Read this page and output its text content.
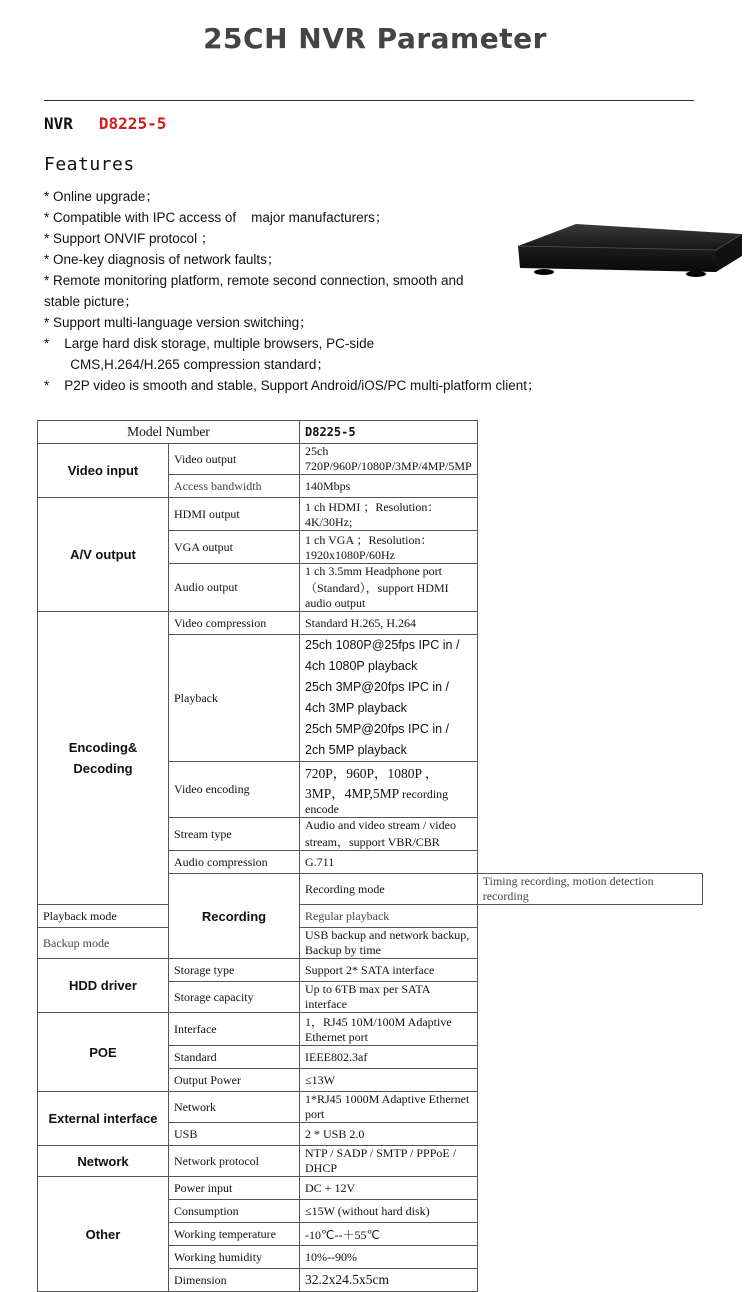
25CH NVR Parameter
NVR D8225-5
Features
* Online upgrade；
* Compatible with IPC access of    major manufacturers；
* Support ONVIF protocol ；
* One-key diagnosis of network faults；
* Remote monitoring platform, remote second connection, smooth and
stable picture；
* Support multi-language version switching；
*    Large hard disk storage, multiple browsers, PC-side
CMS,H.264/H.265 compression standard；
*    P2P video is smooth and stable, Support Android/iOS/PC multi-platform client；
Model Number		D8225-5	
Video input	Video output	25ch 720P/960P/1080P/3MP/4MP/5MP	
	Access bandwidth	140Mbps	
A/V output	HDMI output	1 ch HDMI ；Resolution：4K/30Hz;	
	VGA output	1 ch VGA ；Resolution：1920x1080P/60Hz	
	Audio output	1 ch 3.5mm Headphone port（Standard），support HDMI audio output	
Encoding& Decoding	Video compression	Standard H.265, H.264	
	Playback	25ch 1080P@25fps IPC in / 4ch 1080P playback
25ch 3MP@20fps IPC in / 4ch 3MP playback
25ch 5MP@20fps IPC in / 2ch 5MP playback	

	Video encoding	720P，960P，1080P ，3MP，4MP,5MP recording encode	
	Stream type	Audio and video stream / video stream，support VBR/CBR	
	Audio compression	G.711	
	Recording	Recording mode	Timing recording, motion detection recording
Playback mode		Regular playback	
Backup mode		USB backup and network backup, Backup by time	
HDD driver	Storage type	Support 2* SATA interface	
	Storage capacity	Up to 6TB max per SATA interface	
POE	Interface	1，RJ45 10M/100M Adaptive Ethernet port	
	Standard	IEEE802.3af	
	Output Power	≤13W	
External interface	Network	1*RJ45 1000M Adaptive Ethernet port	
	USB	2 * USB 2.0	
Network	Network protocol	NTP / SADP / SMTP / PPPoE / DHCP	
Other	Power input	DC + 12V	
	Consumption	≤15W (without hard disk)	
	Working temperature	-10℃--＋55℃	
	Working humidity	10%--90%	
	Dimension	32.2x24.5x5cm	
